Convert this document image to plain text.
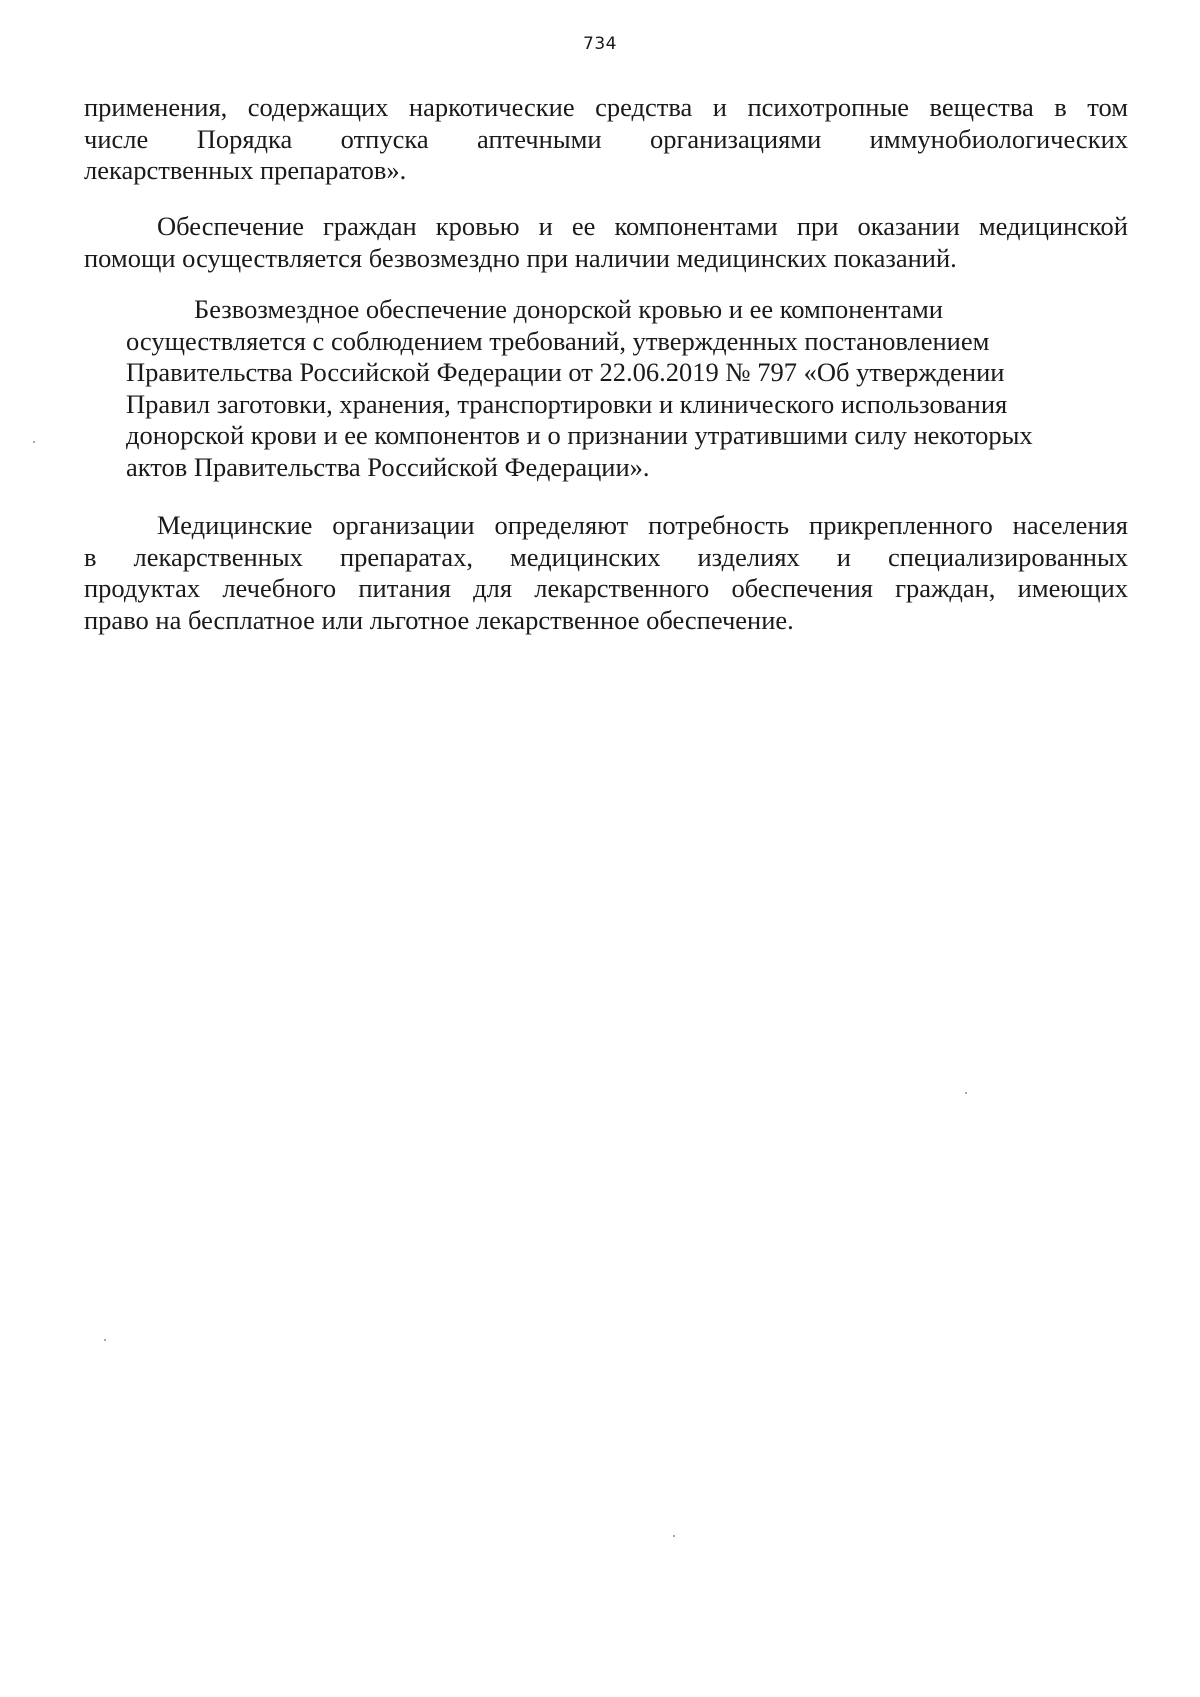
734

применения, содержащих наркотические средства и психотропные вещества в том
числе Порядка отпуска аптечными организациями иммунобиологических
лекарственных препаратов».

Обеспечение граждан кровью и ее компонентами при оказании медицинской
помощи осуществляется безвозмездно при наличии медицинских показаний.

Безвозмездное обеспечение донорской кровью и ее компонентами
осуществляется с соблюдением требований, утвержденных постановлением
Правительства Российской Федерации от 22.06.2019 № 797 «Об утверждении
Правил заготовки, хранения, транспортировки и клинического использования
донорской крови и ее компонентов и о признании утратившими силу некоторых
актов Правительства Российской Федерации».

Медицинские организации определяют потребность прикрепленного населения
в лекарственных препаратах, медицинских изделиях и специализированных
продуктах лечебного питания для лекарственного обеспечения граждан, имеющих
право на бесплатное или льготное лекарственное обеспечение.
